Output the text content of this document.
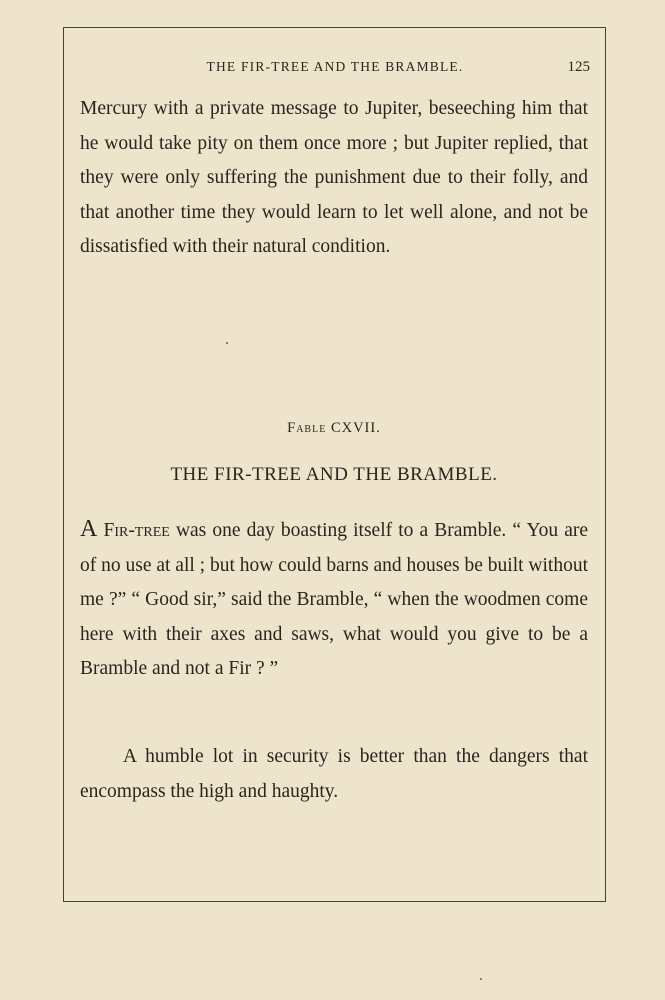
THE FIR-TREE AND THE BRAMBLE.	125

Mercury with a private message to Jupiter, beseeching him that he would take pity on them once more ; but Jupiter replied, that they were only suffering the punishment due to their folly, and that another time they would learn to let well alone, and not be dissatisfied with their natural condition.

Fable CXVII.
THE FIR-TREE AND THE BRAMBLE.

A Fir-tree was one day boasting itself to a Bramble. “ You are of no use at all ; but how could barns and houses be built without me ?” “ Good sir,” said the Bramble, “ when the woodmen come here with their axes and saws, what would you give to be a Bramble and not a Fir ? ”

A humble lot in security is better than the dangers that encompass the high and haughty.
